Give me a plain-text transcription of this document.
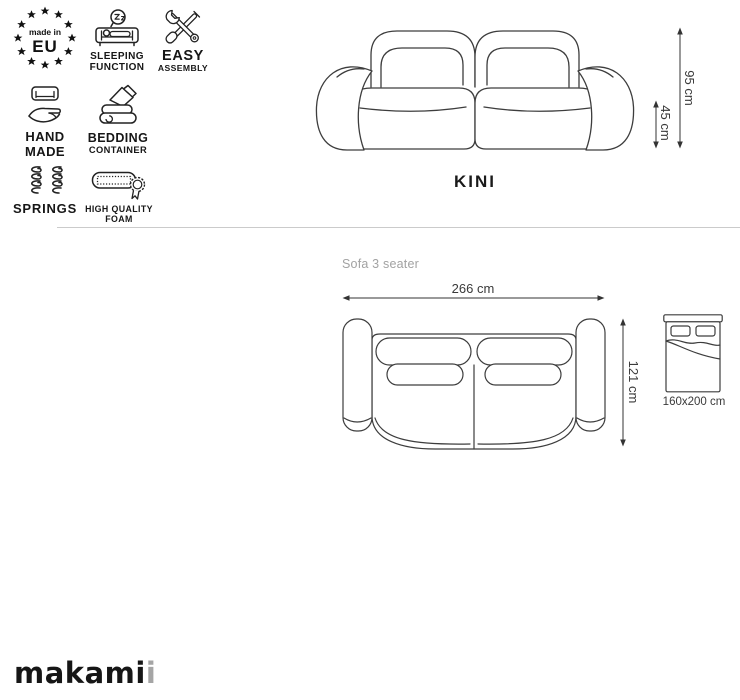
made in
EU
SLEEPING
FUNCTION
EASY
ASSEMBLY
HAND
MADE
BEDDING
CONTAINER
SPRINGS HIGH QUALITY
FOAM
KINI
95 cm
45 cm
Sofa 3 seater
266 cm
121 cm	160x200 cm
makamii
